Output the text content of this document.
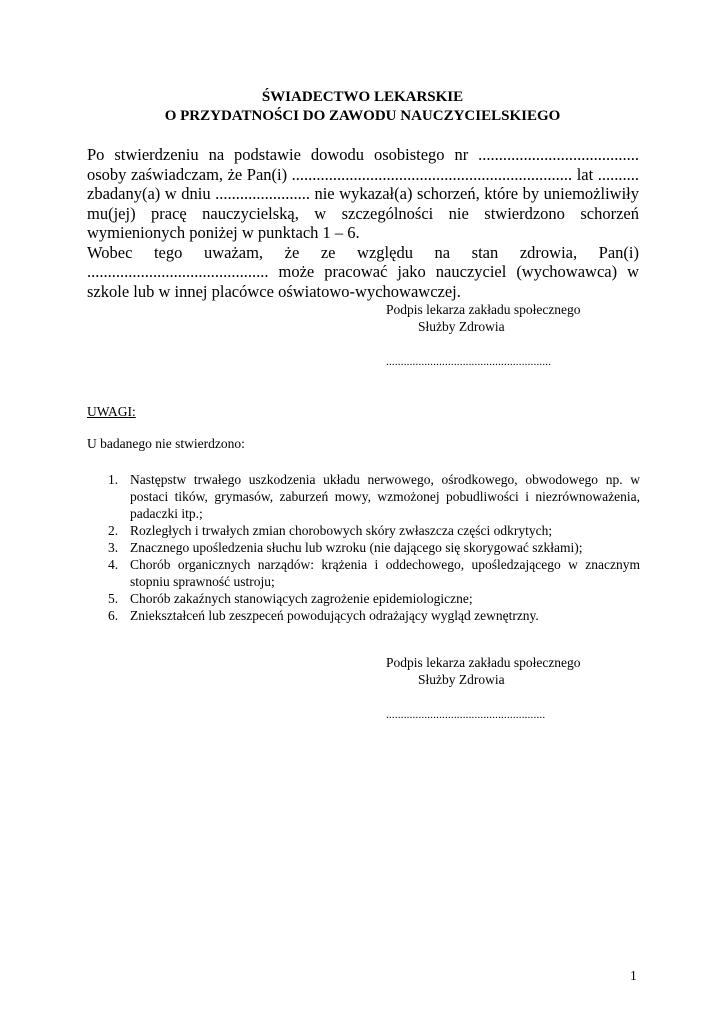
ŚWIADECTWO LEKARSKIE
O PRZYDATNOŚCI DO ZAWODU NAUCZYCIELSKIEGO

Po stwierdzeniu na podstawie dowodu osobistego nr ....................................... osoby zaświadczam, że Pan(i) .................................................................... lat .......... zbadany(a) w dniu ....................... nie wykazał(a) schorzeń, które by uniemożliwiły mu(jej) pracę nauczycielską, w szczególności nie stwierdzono schorzeń wymienionych poniżej w punktach 1 – 6.

Wobec tego uważam, że ze względu na stan zdrowia, Pan(i) ............................................ może pracować jako nauczyciel (wychowawca) w szkole lub w innej placówce oświatowo-wychowawczej.

Podpis lekarza zakładu społecznego
Służby Zdrowia
........................................................
UWAGI:
U badanego nie stwierdzono:
1. Następstw trwałego uszkodzenia układu nerwowego, ośrodkowego, obwodowego np. w postaci tików, grymasów, zaburzeń mowy, wzmożonej pobudliwości i niezrównoważenia, padaczki itp.;
2. Rozległych i trwałych zmian chorobowych skóry zwłaszcza części odkrytych;
3. Znacznego upośledzenia słuchu lub wzroku (nie dającego się skorygować szkłami);
4. Chorób organicznych narządów: krążenia i oddechowego, upośledzającego w znacznym stopniu sprawność ustroju;
5. Chorób zakaźnych stanowiących zagrożenie epidemiologiczne;
6. Zniekształceń lub zeszpeceń powodujących odrażający wygląd zewnętrzny.
Podpis lekarza zakładu społecznego
Służby Zdrowia
......................................................
1
